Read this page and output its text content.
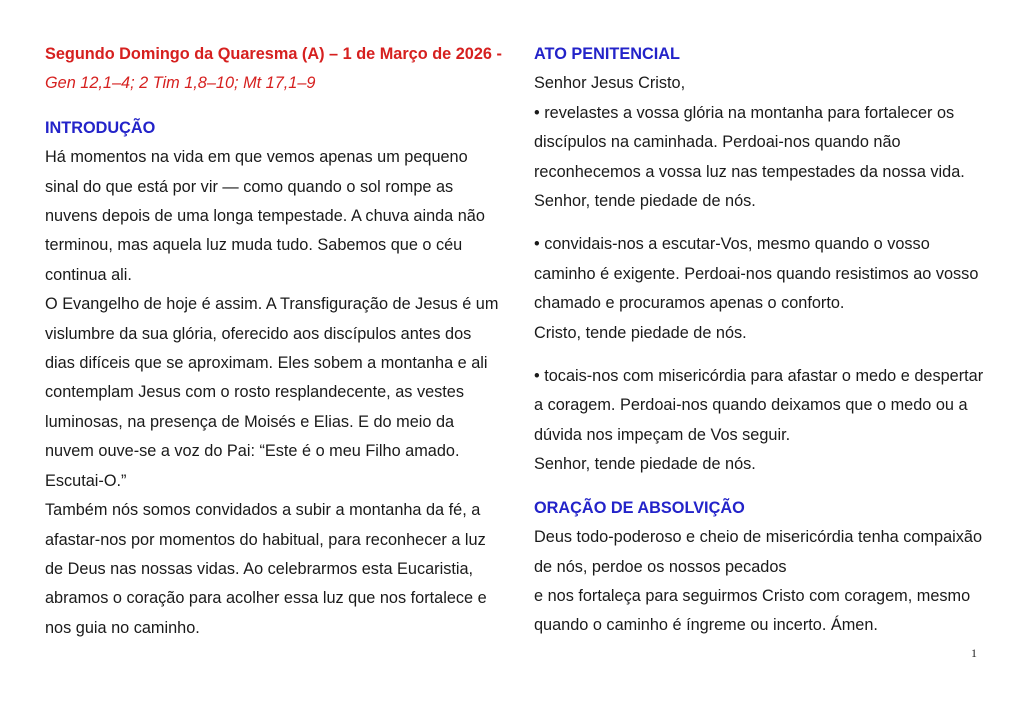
Segundo Domingo da Quaresma (A) – 1 de Março de 2026 - Gen 12,1–4; 2 Tim 1,8–10; Mt 17,1–9

INTRODUÇÃO

Há momentos na vida em que vemos apenas um pequeno sinal do que está por vir — como quando o sol rompe as nuvens depois de uma longa tempestade. A chuva ainda não terminou, mas aquela luz muda tudo. Sabemos que o céu continua ali.

O Evangelho de hoje é assim. A Transfiguração de Jesus é um vislumbre da sua glória, oferecido aos discípulos antes dos dias difíceis que se aproximam. Eles sobem a montanha e ali contemplam Jesus com o rosto resplandecente, as vestes luminosas, na presença de Moisés e Elias. E do meio da nuvem ouve-se a voz do Pai: “Este é o meu Filho amado. Escutai-O.”

Também nós somos convidados a subir a montanha da fé, a afastar-nos por momentos do habitual, para reconhecer a luz de Deus nas nossas vidas. Ao celebrarmos esta Eucaristia, abramos o coração para acolher essa luz que nos fortalece e nos guia no caminho.

ATO PENITENCIAL

Senhor Jesus Cristo,

• revelastes a vossa glória na montanha para fortalecer os discípulos na caminhada. Perdoai-nos quando não reconhecemos a vossa luz nas tempestades da nossa vida. Senhor, tende piedade de nós.

• convidais-nos a escutar-Vos, mesmo quando o vosso caminho é exigente. Perdoai-nos quando resistimos ao vosso chamado e procuramos apenas o conforto.

Cristo, tende piedade de nós.

• tocais-nos com misericórdia para afastar o medo e despertar a coragem. Perdoai-nos quando deixamos que o medo ou a dúvida nos impeçam de Vos seguir.

Senhor, tende piedade de nós.

ORAÇÃO DE ABSOLVIÇÃO

Deus todo-poderoso e cheio de misericórdia tenha compaixão de nós, perdoe os nossos pecados

e nos fortaleça para seguirmos Cristo com coragem, mesmo quando o caminho é íngreme ou incerto. Ámen.

1
